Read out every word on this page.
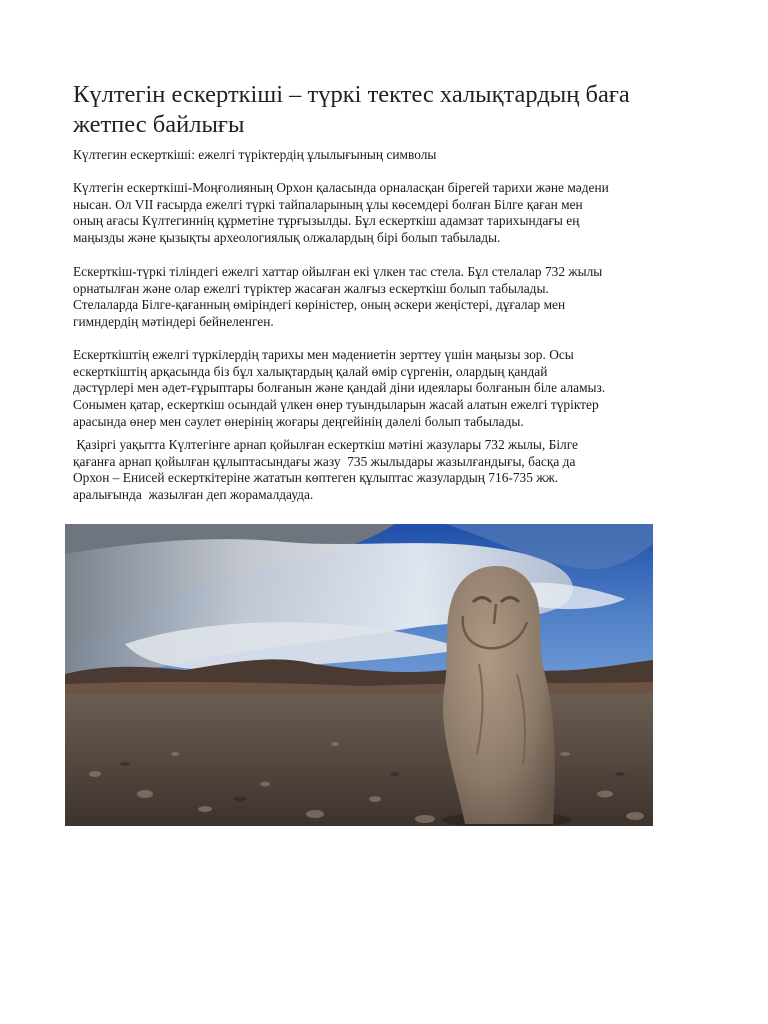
Күлтегін ескерткіші – түркі тектес халықтардың баға
жетпес байлығы

Күлтегин ескерткіші: ежелгі түріктердің ұлылығының символы

Күлтегін ескерткіші-Моңғолияның Орхон қаласында орналасқан бірегей тарихи және мәдени
нысан. Ол VII ғасырда ежелгі түркі тайпаларының ұлы көсемдері болған Білге қаған мен
оның ағасы Күлтегиннің құрметіне тұрғызылды. Бұл ескерткіш адамзат тарихындағы ең
маңызды және қызықты археологиялық олжалардың бірі болып табылады.

Ескерткіш-түркі тіліндегі ежелгі хаттар ойылған екі үлкен тас стела. Бұл стелалар 732 жылы
орнатылған және олар ежелгі түріктер жасаған жалғыз ескерткіш болып табылады.
Стелаларда Білге-қағанның өміріндегі көріністер, оның әскери жеңістері, дұғалар мен
гимндердің мәтіндері бейнеленген.

Ескерткіштің ежелгі түркілердің тарихы мен мәдениетін зерттеу үшін маңызы зор. Осы
ескерткіштің арқасында біз бұл халықтардың қалай өмір сүргенін, олардың қандай
дәстүрлері мен әдет-ғұрыптары болғанын және қандай діни идеялары болғанын біле аламыз.
Сонымен қатар, ескерткіш осындай үлкен өнер туындыларын жасай алатын ежелгі түріктер
арасында өнер мен сәулет өнерінің жоғары деңгейінің дәлелі болып табылады.

Қазіргі уақытта Күлтегінге арнап қойылған ескерткіш мәтіні жазулары 732 жылы, Білге
қағанға арнап қойылған құлыптасындағы жазу  735 жылыдары жазылғандығы, басқа да
Орхон – Енисей ескерткітеріне жататын көптеген құлыптас жазулардың 716-735 жж.
аралығында  жазылған деп жорамалдауда.
